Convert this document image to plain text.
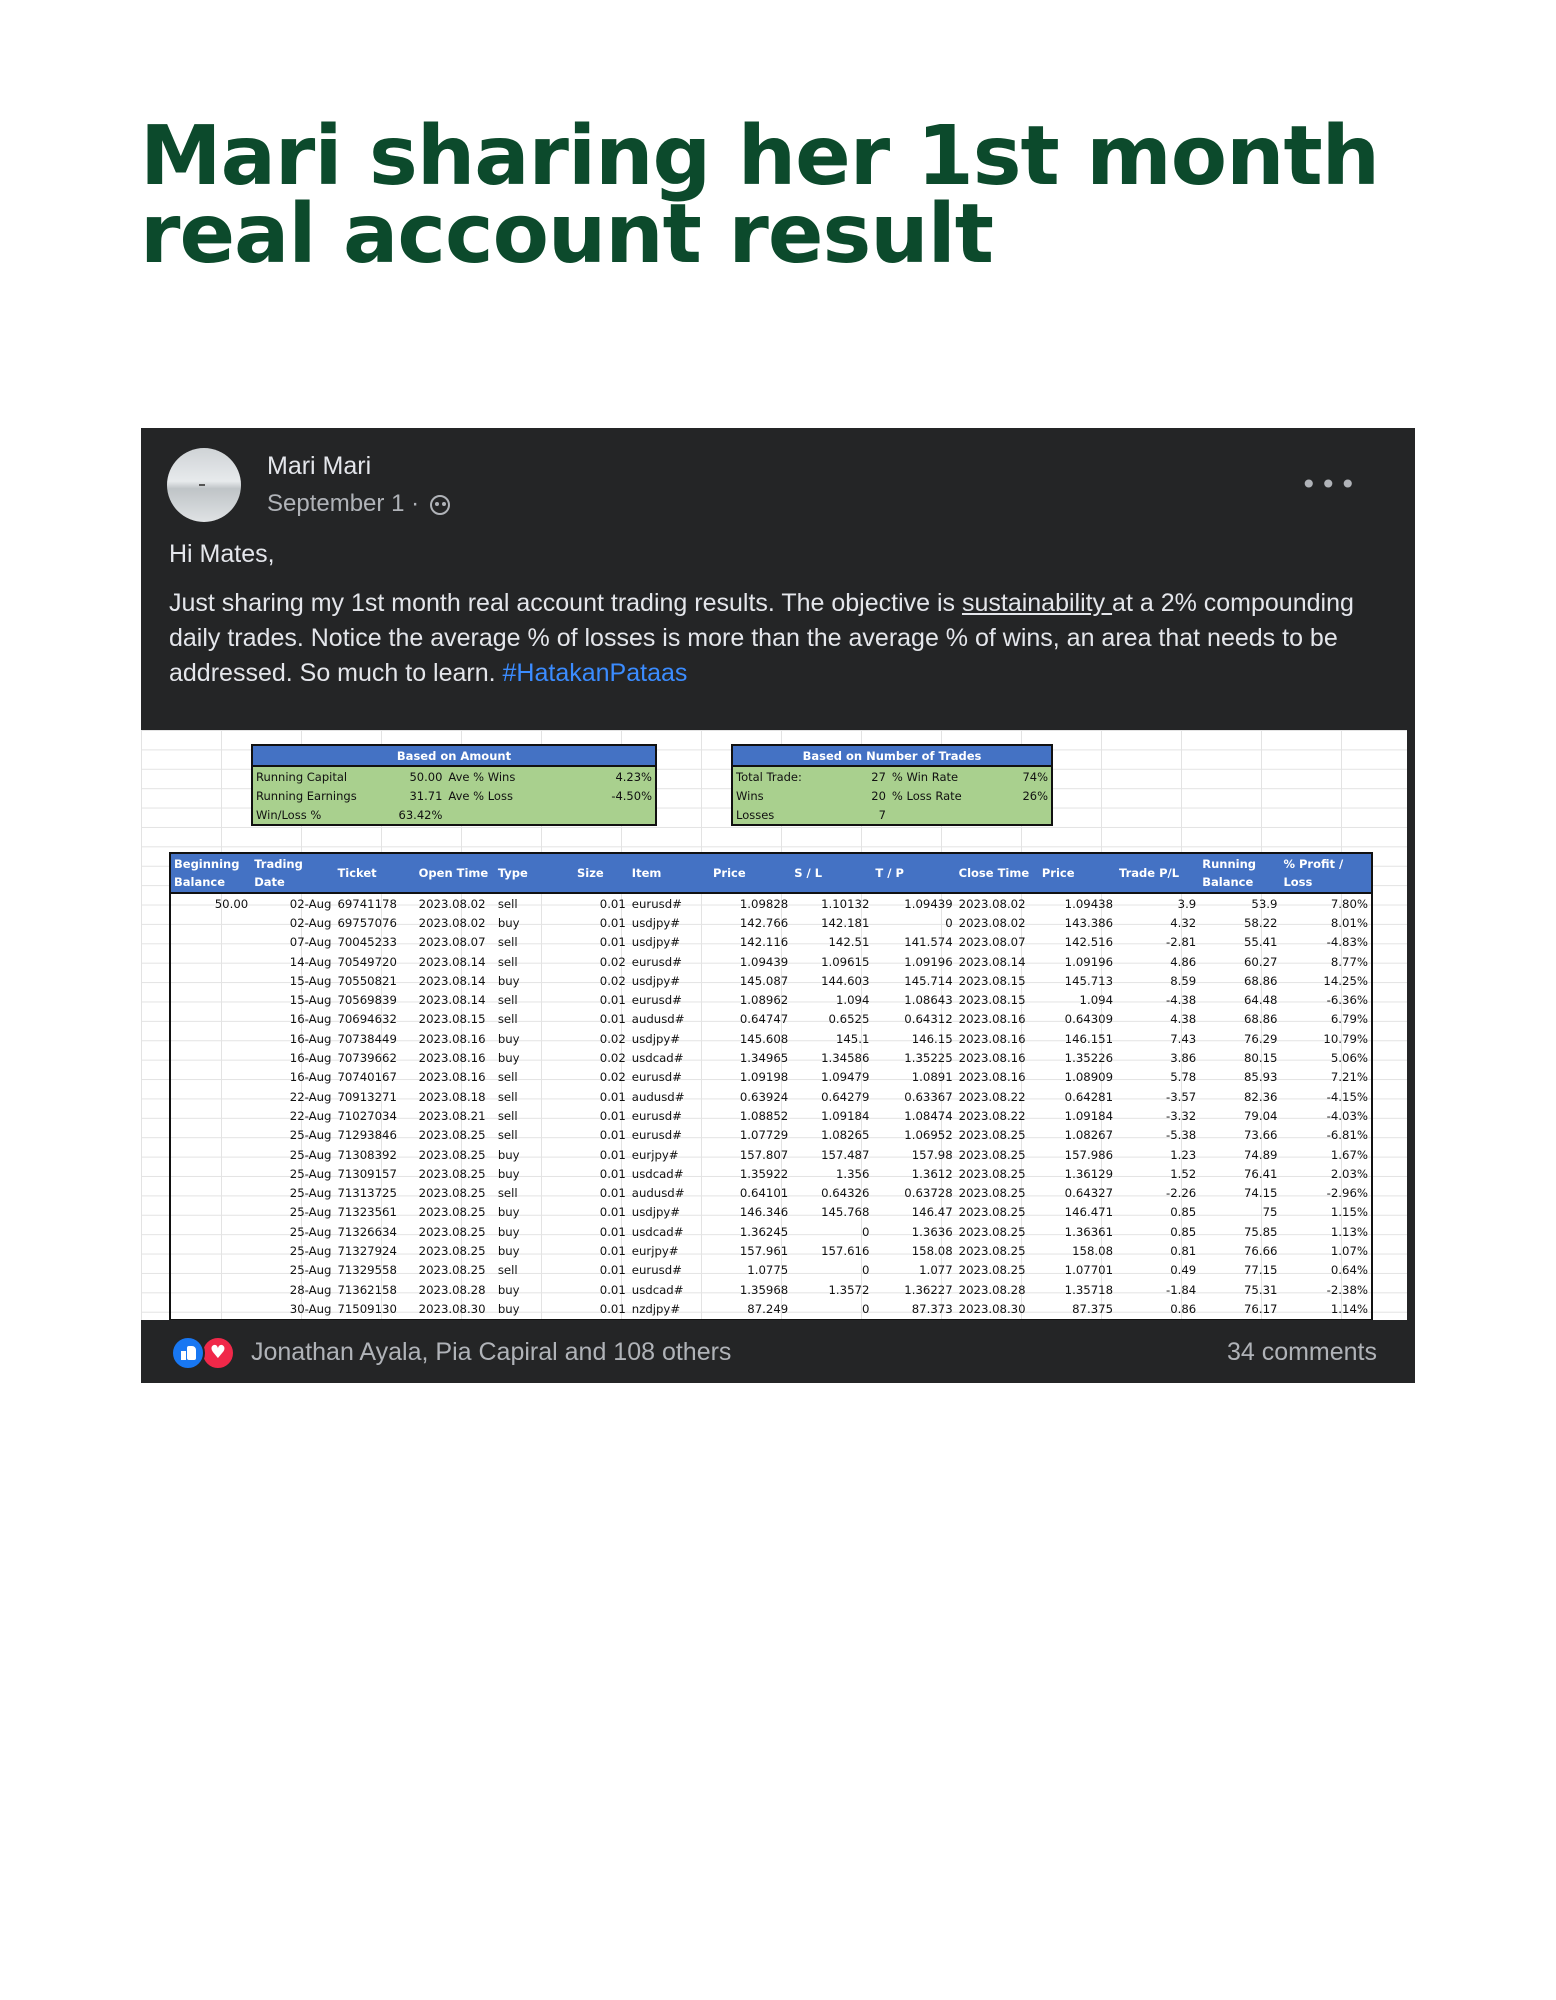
Mari sharing her 1st month real account result
Mari Mari
September 1 ·
•••
Hi Mates,

Just sharing my 1st month real account trading results. The objective is sustainability at a 2% compounding daily trades. Notice the average % of losses is more than the average % of wins, an area that needs to be addressed. So much to learn. #HatakanPataas

Based on Amount			
Running Capital	50.00	Ave % Wins	4.23%
Running Earnings	31.71	Ave % Loss	-4.50%
Win/Loss %	63.42%		
Based on Number of Trades			
Total Trade:	27	% Win Rate	74%
Wins	20	% Loss Rate	26%
Losses	7		
Beginning Balance	Trading Date	Ticket	Open Time	Type	Size	Item	Price	S / L	T / P	Close Time	Price	Trade P/L	Running Balance	% Profit / Loss
50.00	02-Aug	69741178	2023.08.02	sell	0.01	eurusd#	1.09828	1.10132	1.09439	2023.08.02	1.09438	3.9	53.9	7.80%
	02-Aug	69757076	2023.08.02	buy	0.01	usdjpy#	142.766	142.181	0	2023.08.02	143.386	4.32	58.22	8.01%
	07-Aug	70045233	2023.08.07	sell	0.01	usdjpy#	142.116	142.51	141.574	2023.08.07	142.516	-2.81	55.41	-4.83%
	14-Aug	70549720	2023.08.14	sell	0.02	eurusd#	1.09439	1.09615	1.09196	2023.08.14	1.09196	4.86	60.27	8.77%
	15-Aug	70550821	2023.08.14	buy	0.02	usdjpy#	145.087	144.603	145.714	2023.08.15	145.713	8.59	68.86	14.25%
	15-Aug	70569839	2023.08.14	sell	0.01	eurusd#	1.08962	1.094	1.08643	2023.08.15	1.094	-4.38	64.48	-6.36%
	16-Aug	70694632	2023.08.15	sell	0.01	audusd#	0.64747	0.6525	0.64312	2023.08.16	0.64309	4.38	68.86	6.79%
	16-Aug	70738449	2023.08.16	buy	0.02	usdjpy#	145.608	145.1	146.15	2023.08.16	146.151	7.43	76.29	10.79%
	16-Aug	70739662	2023.08.16	buy	0.02	usdcad#	1.34965	1.34586	1.35225	2023.08.16	1.35226	3.86	80.15	5.06%
	16-Aug	70740167	2023.08.16	sell	0.02	eurusd#	1.09198	1.09479	1.0891	2023.08.16	1.08909	5.78	85.93	7.21%
	22-Aug	70913271	2023.08.18	sell	0.01	audusd#	0.63924	0.64279	0.63367	2023.08.22	0.64281	-3.57	82.36	-4.15%
	22-Aug	71027034	2023.08.21	sell	0.01	eurusd#	1.08852	1.09184	1.08474	2023.08.22	1.09184	-3.32	79.04	-4.03%
	25-Aug	71293846	2023.08.25	sell	0.01	eurusd#	1.07729	1.08265	1.06952	2023.08.25	1.08267	-5.38	73.66	-6.81%
	25-Aug	71308392	2023.08.25	buy	0.01	eurjpy#	157.807	157.487	157.98	2023.08.25	157.986	1.23	74.89	1.67%
	25-Aug	71309157	2023.08.25	buy	0.01	usdcad#	1.35922	1.356	1.3612	2023.08.25	1.36129	1.52	76.41	2.03%
	25-Aug	71313725	2023.08.25	sell	0.01	audusd#	0.64101	0.64326	0.63728	2023.08.25	0.64327	-2.26	74.15	-2.96%
	25-Aug	71323561	2023.08.25	buy	0.01	usdjpy#	146.346	145.768	146.47	2023.08.25	146.471	0.85	75	1.15%
	25-Aug	71326634	2023.08.25	buy	0.01	usdcad#	1.36245	0	1.3636	2023.08.25	1.36361	0.85	75.85	1.13%
	25-Aug	71327924	2023.08.25	buy	0.01	eurjpy#	157.961	157.616	158.08	2023.08.25	158.08	0.81	76.66	1.07%
	25-Aug	71329558	2023.08.25	sell	0.01	eurusd#	1.0775	0	1.077	2023.08.25	1.07701	0.49	77.15	0.64%
	28-Aug	71362158	2023.08.28	buy	0.01	usdcad#	1.35968	1.3572	1.36227	2023.08.28	1.35718	-1.84	75.31	-2.38%
	30-Aug	71509130	2023.08.30	buy	0.01	nzdjpy#	87.249	0	87.373	2023.08.30	87.375	0.86	76.17	1.14%
♥ Jonathan Ayala, Pia Capiral and 108 others	34 comments
